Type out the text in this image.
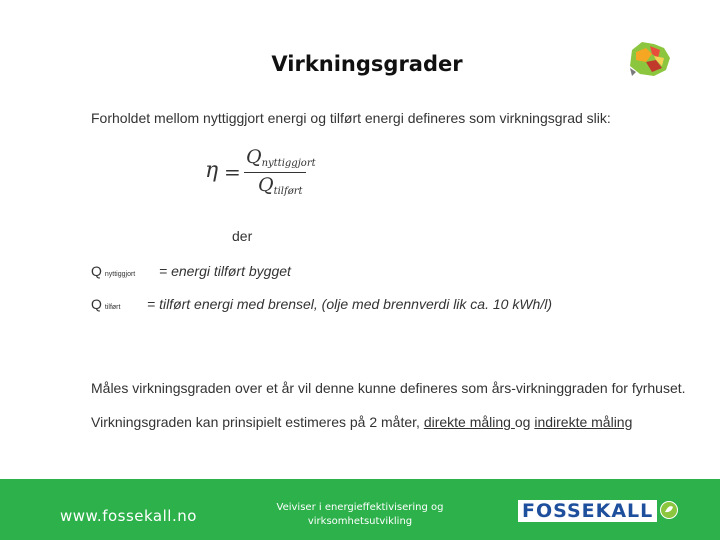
Virkningsgrader
Forholdet mellom nyttiggjort energi og tilført energi defineres som virkningsgrad slik:
η =
$Q_{nyttiggjort}$
$Q_{tilført}$
der
Qnyttiggjort = energi tilført bygget
Qtilført = tilført energi med brensel, (olje med brennverdi lik ca. 10 kWh/l)
Måles virkningsgraden over et år vil denne kunne defineres som års-virkninggraden for fyrhuset.
Virkningsgraden kan prinsipielt estimeres på 2 måter, direkte måling og indirekte måling
www.fossekall.no	Veiviser i energieffektivisering og virksomhetsutvikling	FOSSEKALL
